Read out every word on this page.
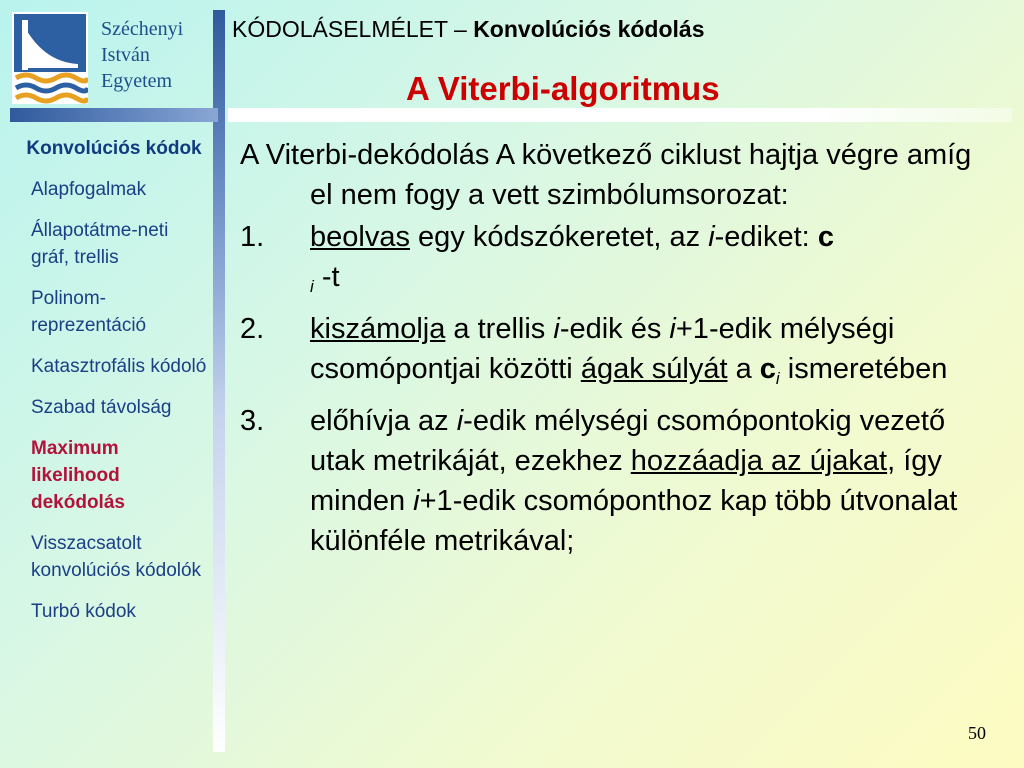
Széchenyi
István
Egyetem
KÓDOLÁSELMÉLET – Konvolúciós kódolás
A Viterbi-algoritmus
Konvolúciós kódok
Alapfogalmak
Állapotátme-neti gráf, trellis
Polinom-reprezentáció
Katasztrofális kódoló
Szabad távolság
Maximum likelihood dekódolás
Visszacsatolt konvolúciós kódolók
Turbó kódok
A Viterbi-dekódolás A következő ciklust hajtja végre amíg el nem fogy a vett szimbólumsorozat:
1.	beolvas egy kódszókeretet, az i-ediket: c
$_i$ -t
2.	kiszámolja a trellis i-edik és i+1-edik mélységi csomópontjai közötti ágak súlyát a $c_i$ ismeretében
3.	előhívja az i-edik mélységi csomópontokig vezető utak metrikáját, ezekhez hozzáadja az újakat, így minden i+1-edik csomóponthoz kap több útvonalat különféle metrikával;
50
